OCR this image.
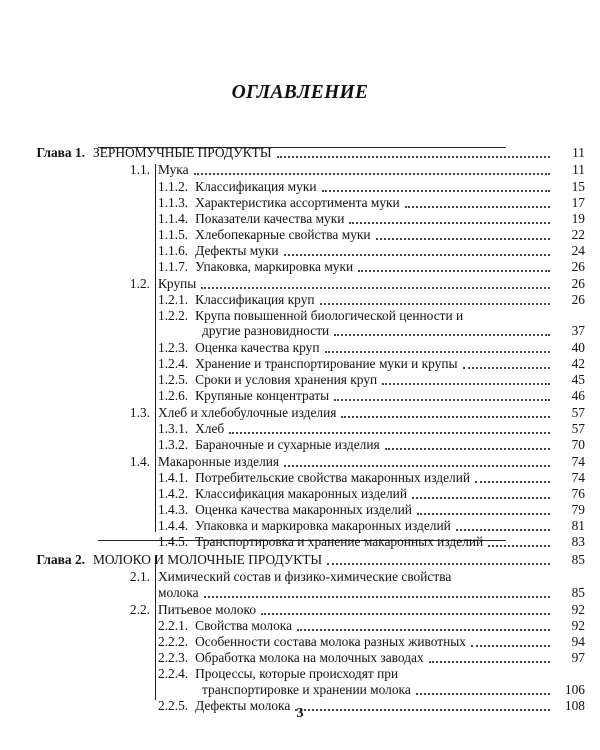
ОГЛАВЛЕНИЕ
Глава 1. ЗЕРНОМУЧНЫЕ ПРОДУКТЫ	11
1.1. Мука	11
1.1.2. Классификация муки	15
1.1.3. Характеристика ассортимента муки	17
1.1.4. Показатели качества муки	19
1.1.5. Хлебопекарные свойства муки	22
1.1.6. Дефекты муки	24
1.1.7. Упаковка, маркировка муки	26
1.2. Крупы	26
1.2.1. Классификация круп	26
1.2.2. Крупа повышенной биологической ценности и
другие разновидности	37
1.2.3. Оценка качества круп	40
1.2.4. Хранение и транспортирование муки и крупы	42
1.2.5. Сроки и условия хранения круп	45
1.2.6. Крупяные концентраты	46
1.3. Хлеб и хлебобулочные изделия	57
1.3.1. Хлеб	57
1.3.2. Бараночные и сухарные изделия	70
1.4. Макаронные изделия	74
1.4.1. Потребительские свойства макаронных изделий	74
1.4.2. Классификация макаронных изделий	76
1.4.3. Оценка качества макаронных изделий	79
1.4.4. Упаковка и маркировка макаронных изделий	81
1.4.5. Транспортировка и хранение макаронных изделий	83
Глава 2. МОЛОКО И МОЛОЧНЫЕ ПРОДУКТЫ	85
2.1. Химический состав и физико-химические свойства
молока	85
2.2. Питьевое молоко	92
2.2.1. Свойства молока	92
2.2.2. Особенности состава молока разных животных	94
2.2.3. Обработка молока на молочных заводах	97
2.2.4. Процессы, которые происходят при
транспортировке и хранении молока	106
2.2.5. Дефекты молока	108
3
